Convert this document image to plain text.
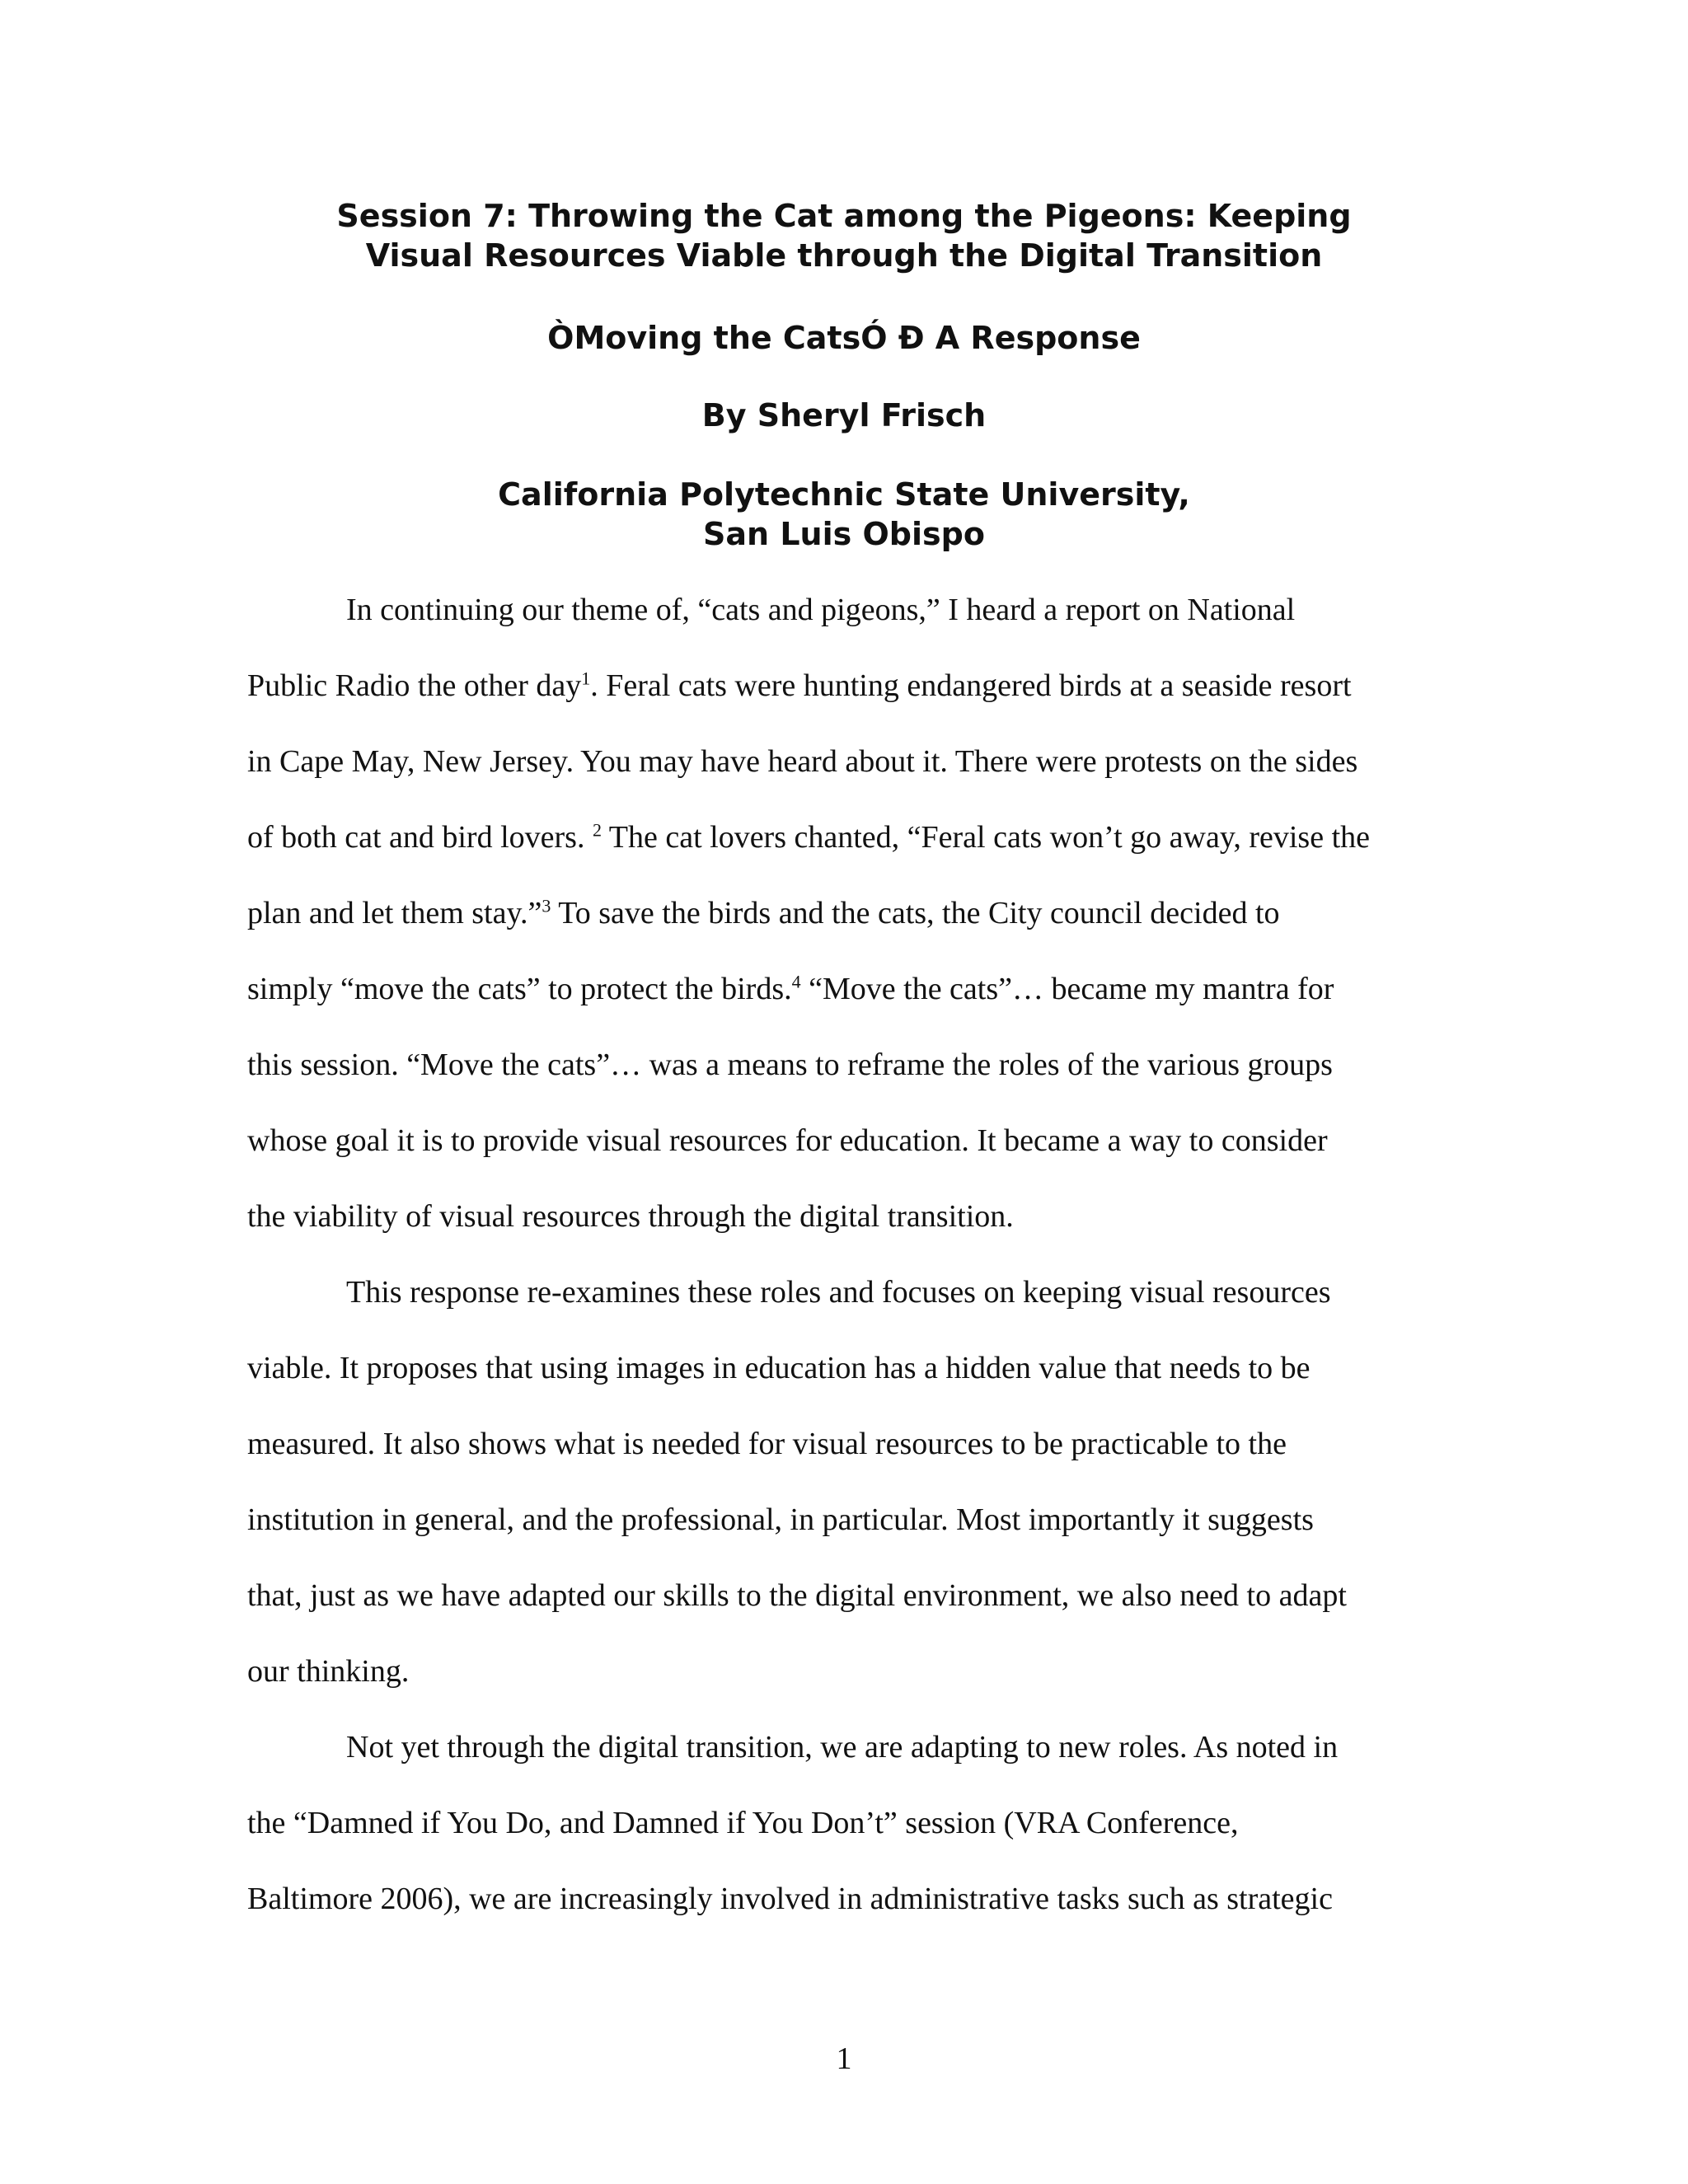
Session 7: Throwing the Cat among the Pigeons: Keeping
Visual Resources Viable through the Digital Transition
ÒMoving the CatsÓ Ð A Response
By Sheryl Frisch
California Polytechnic State University,
San Luis Obispo
In continuing our theme of, “cats and pigeons,” I heard a report on National
Public Radio the other day$^1$. Feral cats were hunting endangered birds at a seaside resort
in Cape May, New Jersey. You may have heard about it. There were protests on the sides
of both cat and bird lovers. $^2$ The cat lovers chanted, “Feral cats won’t go away, revise the
plan and let them stay.”$^3$ To save the birds and the cats, the City council decided to
simply “move the cats” to protect the birds.$^4$ “Move the cats”… became my mantra for
this session. “Move the cats”… was a means to reframe the roles of the various groups
whose goal it is to provide visual resources for education. It became a way to consider
the viability of visual resources through the digital transition.
This response re-examines these roles and focuses on keeping visual resources
viable. It proposes that using images in education has a hidden value that needs to be
measured. It also shows what is needed for visual resources to be practicable to the
institution in general, and the professional, in particular. Most importantly it suggests
that, just as we have adapted our skills to the digital environment, we also need to adapt
our thinking.
Not yet through the digital transition, we are adapting to new roles. As noted in
the “Damned if You Do, and Damned if You Don’t” session (VRA Conference,
Baltimore 2006), we are increasingly involved in administrative tasks such as strategic
1
